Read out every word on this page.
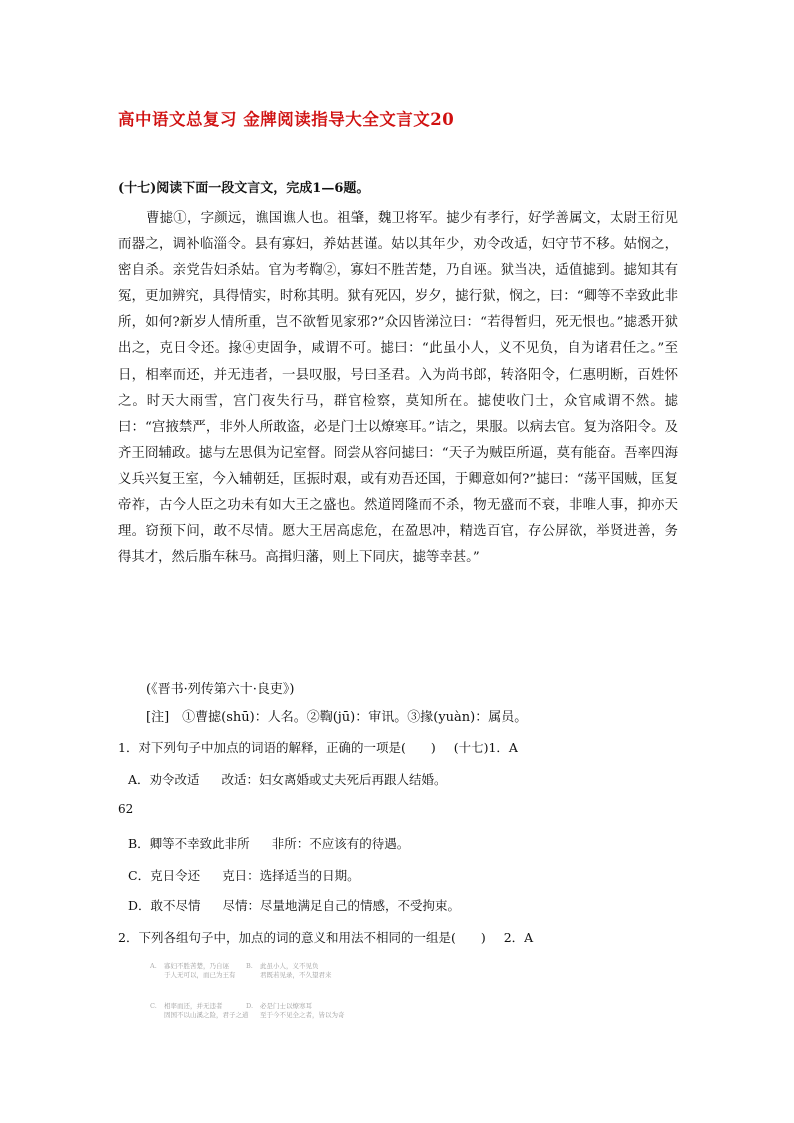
高中语文总复习 金牌阅读指导大全文言文20
(十七)阅读下面一段文言文，完成1—6题。

曹摅①，字颜远，谯国谯人也。祖肇，魏卫将军。摅少有孝行，好学善属文，太尉王衍见而器之，调补临淄令。县有寡妇，养姑甚谨。姑以其年少，劝令改适，妇守节不移。姑悯之，密自杀。亲党告妇杀姑。官为考鞫②，寡妇不胜苦楚，乃自诬。狱当决，适值摅到。摅知其有冤，更加辨究，具得情实，时称其明。狱有死囚，岁夕，摅行狱，悯之，曰：“卿等不幸致此非所，如何?新岁人情所重，岂不欲暂见家邪?”众囚皆涕泣曰：“若得暂归，死无恨也。”摅悉开狱出之，克日令还。掾④吏固争，咸谓不可。摅曰：“此虽小人，义不见负，自为诸君任之。”至日，相率而还，并无违者，一县叹服，号曰圣君。入为尚书郎，转洛阳令，仁惠明断，百姓怀之。时天大雨雪，宫门夜失行马，群官检察，莫知所在。摅使收门士，众官咸谓不然。摅曰：“宫掖禁严，非外人所敢盗，必是门士以燎寒耳。”诘之，果服。以病去官。复为洛阳令。及齐王冏辅政。摅与左思俱为记室督。冏尝从容问摅曰：“天子为贼臣所逼，莫有能奋。吾率四海义兵兴复王室，今入辅朝廷，匡振时艰，或有劝吾还国，于卿意如何?”摅曰：“荡平国贼，匡复帝祚，古今人臣之功未有如大王之盛也。然道罔隆而不杀，物无盛而不衰，非唯人事，抑亦天理。窃预下问，敢不尽情。愿大王居高虑危，在盈思冲，精选百官，存公屏欲，举贤进善，务得其才，然后脂车秣马。高揖归藩，则上下同庆，摅等幸甚。”

(《晋书·列传第六十·良吏》)
[注]　①曹摅(shū)：人名。②鞫(jū)：审讯。③掾(yuàn)：属员。
1．对下列句子中加点的词语的解释，正确的一项是(　　) (十七)1．A
A．劝令改适 改适：妇女离婚或丈夫死后再跟人结婚。
62
B．卿等不幸致此非所 非所：不应该有的待遇。
C．克日令还 克日：选择适当的日期。
D．敢不尽情 尽情：尽量地满足自己的情感，不受拘束。
2．下列各组句子中，加点的词的意义和用法不相同的一组是(　　) 2．A
A. 寡妇不胜苦楚，乃自诬
于人无可以，而已为王有
B. 此虽小人，义不见负
君既若见录，不久望君来
C. 相率而还，并无违者
固国不以山溪之险，君子之道
D. 必是门士以燎寒耳
至于今不见全之者，皆以为奇
